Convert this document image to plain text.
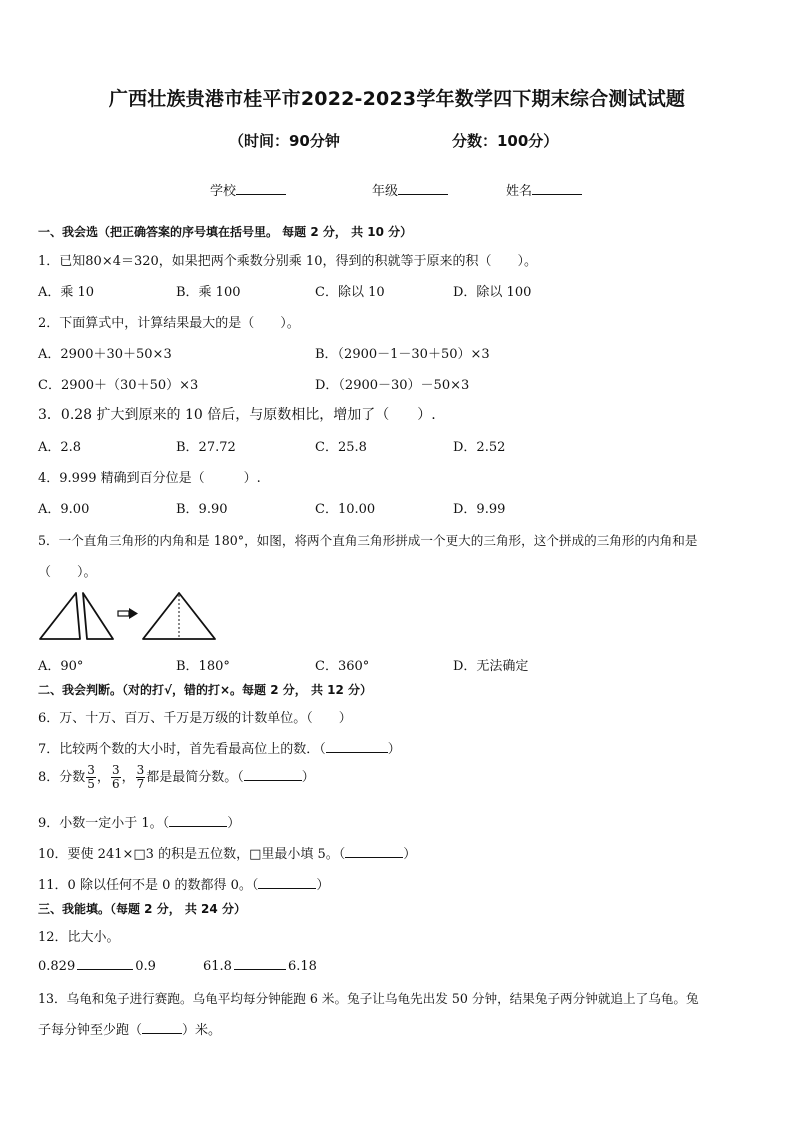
广西壮族贵港市桂平市2022-2023学年数学四下期末综合测试试题
（时间：90分钟	分数：100分）
学校	年级	姓名
一、我会选（把正确答案的序号填在括号里。 每题 2 分， 共 10 分）
1．已知80×4＝320，如果把两个乘数分别乘 10，得到的积就等于原来的积（　　）。
A．乘 10	B．乘 100	C．除以 10	D．除以 100
2．下面算式中，计算结果最大的是（　　）。
A．2900＋30＋50×3	B．（2900－1－30＋50）×3
C．2900＋（30＋50）×3	D．（2900－30）－50×3
3．0.28 扩大到原来的 10 倍后，与原数相比，增加了（　　）.
A．2.8	B．27.72	C．25.8	D．2.52
4．9.999 精确到百分位是（　　　）.
A．9.00	B．9.90	C．10.00	D．9.99
5．一个直角三角形的内角和是 180°，如图，将两个直角三角形拼成一个更大的三角形，这个拼成的三角形的内角和是
（　　）。
A．90°	B．180°	C．360°	D．无法确定
二、我会判断。（对的打√，错的打×。每题 2 分， 共 12 分）
6．万、十万、百万、千万是万级的计数单位。（　　）
7．比较两个数的大小时，首先看最高位上的数．（	）
8．分数 $\frac{3}{5}$ ， $\frac{3}{6}$ ， $\frac{3}{7}$ 都是最简分数。（	）
9．小数一定小于 1。（	）
10．要使 241×□3 的积是五位数，□里最小填 5。（	）
11．0 除以任何不是 0 的数都得 0。（	）
三、我能填。（每题 2 分， 共 24 分）
12．比大小。
0.829	0.9	61.8	6.18
13．乌龟和兔子进行赛跑。乌龟平均每分钟能跑 6 米。兔子让乌龟先出发 50 分钟，结果兔子两分钟就追上了乌龟。兔
子每分钟至少跑（	）米。
